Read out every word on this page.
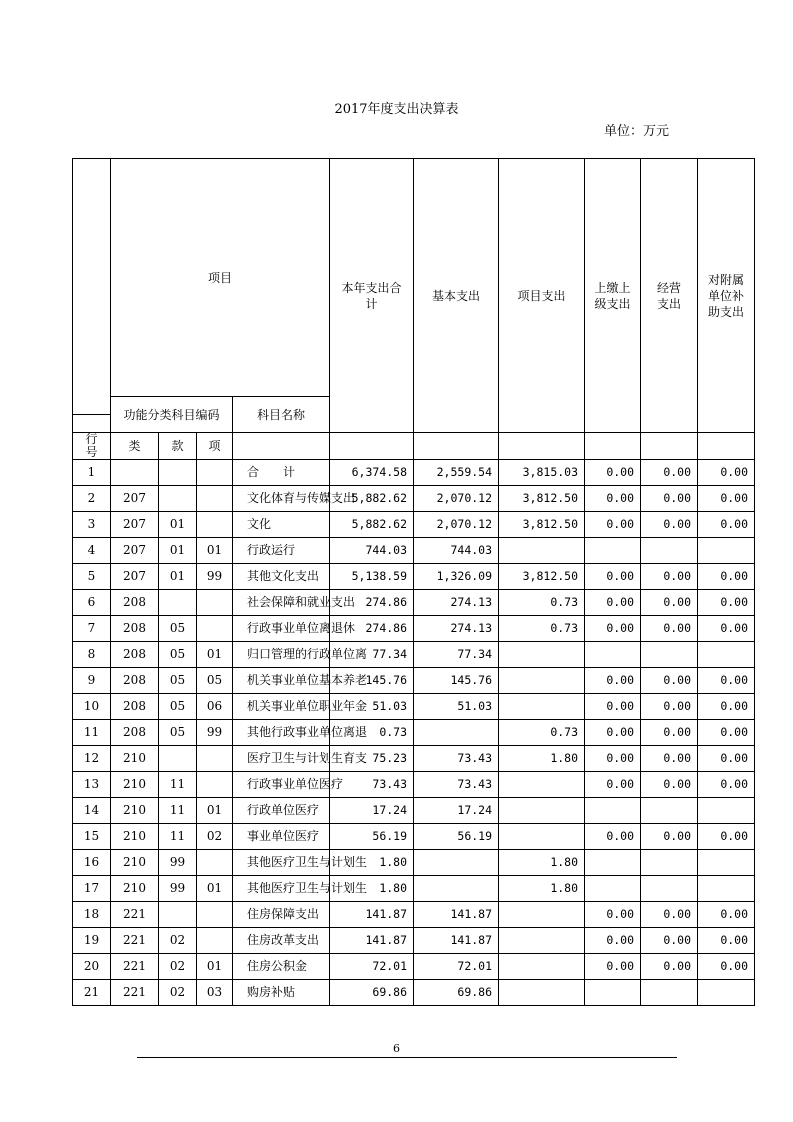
2017年度支出决算表
单位：万元
	项目				本年支出合计	基本支出	项目支出	上缴上级支出	经营支出	对附属单位补助支出

	功能分类科目编码			科目名称						

行号	类	款	项							
1				合　　计	6,374.58	2,559.54	3,815.03	0.00	0.00	0.00
2	207			文化体育与传媒支出	5,882.62	2,070.12	3,812.50	0.00	0.00	0.00
3	207	01		文化	5,882.62	2,070.12	3,812.50	0.00	0.00	0.00
4	207	01	01	行政运行	744.03	744.03				
5	207	01	99	其他文化支出	5,138.59	1,326.09	3,812.50	0.00	0.00	0.00
6	208			社会保障和就业支出	274.86	274.13	0.73	0.00	0.00	0.00
7	208	05		行政事业单位离退休	274.86	274.13	0.73	0.00	0.00	0.00
8	208	05	01	归口管理的行政单位离	77.34	77.34				
9	208	05	05	机关事业单位基本养老	145.76	145.76		0.00	0.00	0.00
10	208	05	06	机关事业单位职业年金	51.03	51.03		0.00	0.00	0.00
11	208	05	99	其他行政事业单位离退	0.73		0.73	0.00	0.00	0.00
12	210			医疗卫生与计划生育支	75.23	73.43	1.80	0.00	0.00	0.00
13	210	11		行政事业单位医疗	73.43	73.43		0.00	0.00	0.00
14	210	11	01	行政单位医疗	17.24	17.24				
15	210	11	02	事业单位医疗	56.19	56.19		0.00	0.00	0.00
16	210	99		其他医疗卫生与计划生	1.80		1.80			
17	210	99	01	其他医疗卫生与计划生	1.80		1.80			
18	221			住房保障支出	141.87	141.87		0.00	0.00	0.00
19	221	02		住房改革支出	141.87	141.87		0.00	0.00	0.00
20	221	02	01	住房公积金	72.01	72.01		0.00	0.00	0.00
21	221	02	03	购房补贴	69.86	69.86				
6
